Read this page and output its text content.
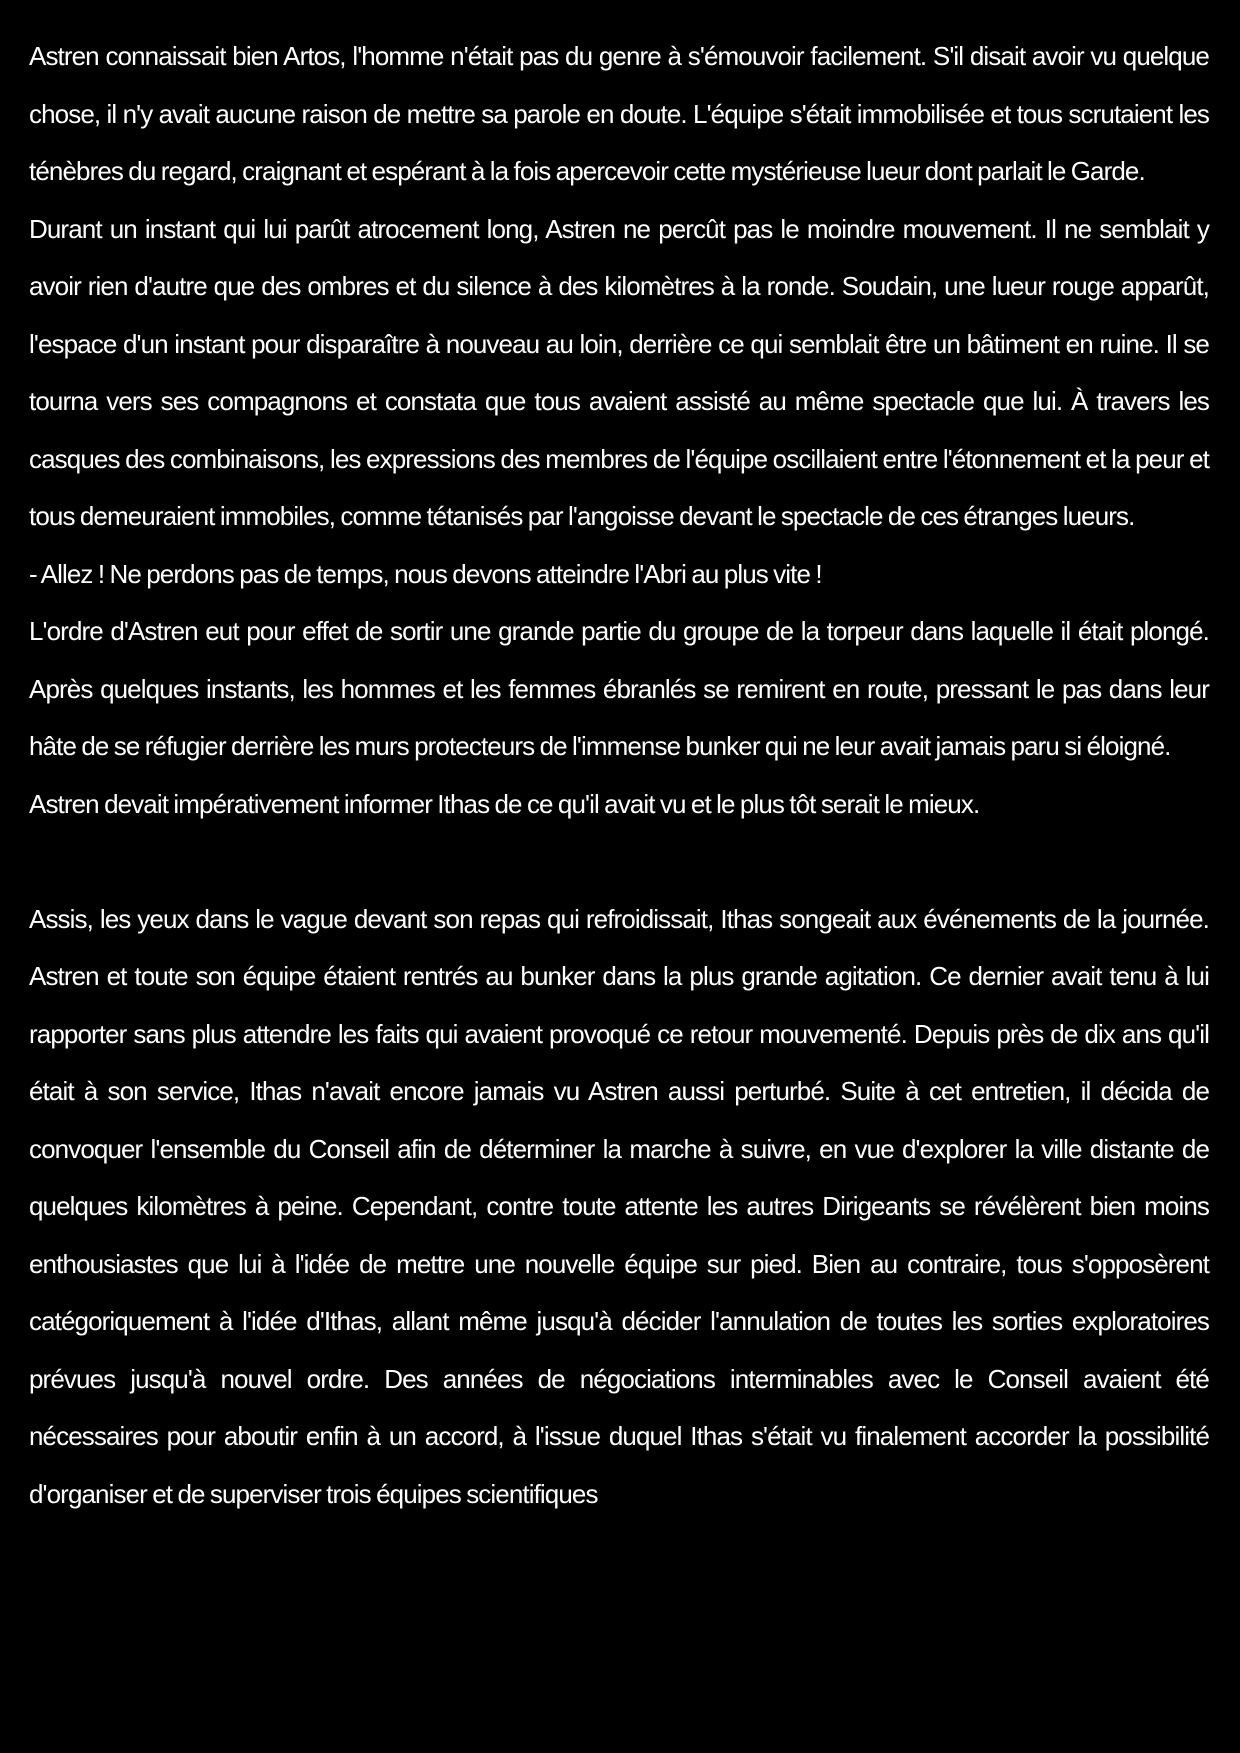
Astren connaissait bien Artos, l'homme n'était pas du genre à s'émouvoir facilement. S'il disait avoir vu quelque chose, il n'y avait aucune raison de mettre sa parole en doute. L'équipe s'était immobilisée et tous scrutaient les ténèbres du regard, craignant et espérant à la fois apercevoir cette mystérieuse lueur dont parlait le Garde.

Durant un instant qui lui parût atrocement long, Astren ne percût pas le moindre mouvement. Il ne semblait y avoir rien d'autre que des ombres et du silence à des kilomètres à la ronde. Soudain, une lueur rouge apparût, l'espace d'un instant pour disparaître à nouveau au loin, derrière ce qui semblait être un bâtiment en ruine. Il se tourna vers ses compagnons et constata que tous avaient assisté au même spectacle que lui. À travers les casques des combinaisons, les expressions des membres de l'équipe oscillaient entre l'étonnement et la peur et tous demeuraient immobiles, comme tétanisés par l'angoisse devant le spectacle de ces étranges lueurs.

- Allez ! Ne perdons pas de temps, nous devons atteindre l'Abri au plus vite !

L'ordre d'Astren eut pour effet de sortir une grande partie du groupe de la torpeur dans laquelle il était plongé. Après quelques instants, les hommes et les femmes ébranlés se remirent en route, pressant le pas dans leur hâte de se réfugier derrière les murs protecteurs de l'immense bunker qui ne leur avait jamais paru si éloigné.

Astren devait impérativement informer Ithas de ce qu'il avait vu et le plus tôt serait le mieux.

Assis, les yeux dans le vague devant son repas qui refroidissait, Ithas songeait aux événements de la journée. Astren et toute son équipe étaient rentrés au bunker dans la plus grande agitation. Ce dernier avait tenu à lui rapporter sans plus attendre les faits qui avaient provoqué ce retour mouvementé. Depuis près de dix ans qu'il était à son service, Ithas n'avait encore jamais vu Astren aussi perturbé. Suite à cet entretien, il décida de convoquer l'ensemble du Conseil afin de déterminer la marche à suivre, en vue d'explorer la ville distante de quelques kilomètres à peine. Cependant, contre toute attente les autres Dirigeants se révélèrent bien moins enthousiastes que lui à l'idée de mettre une nouvelle équipe sur pied. Bien au contraire, tous s'opposèrent catégoriquement à l'idée d'Ithas, allant même jusqu'à décider l'annulation de toutes les sorties exploratoires prévues jusqu'à nouvel ordre. Des années de négociations interminables avec le Conseil avaient été nécessaires pour aboutir enfin à un accord, à l'issue duquel Ithas s'était vu finalement accorder la possibilité d'organiser et de superviser trois équipes scientifiques
